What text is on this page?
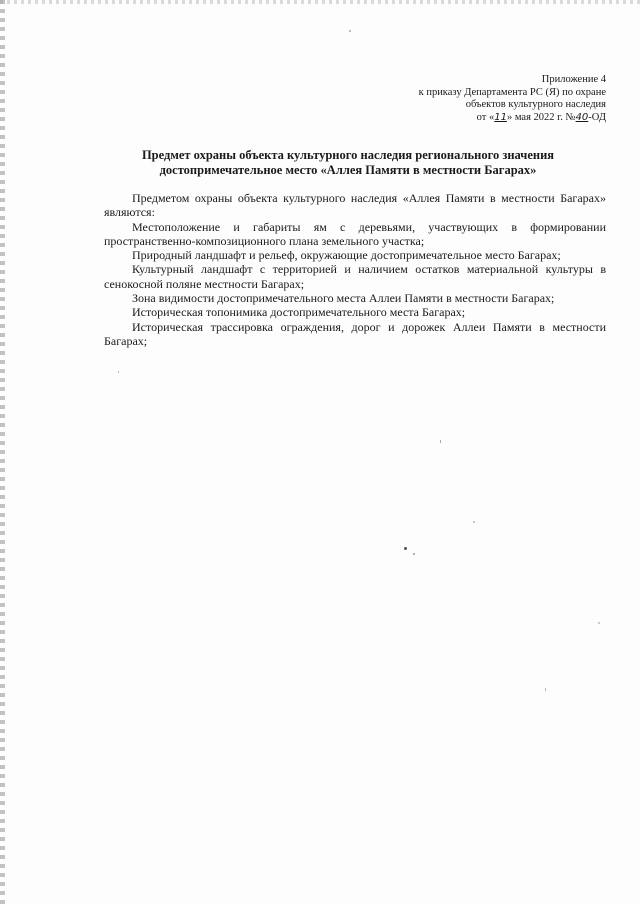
Приложение 4
к приказу Департамента РС (Я) по охране
объектов культурного наследия
от «11» мая 2022 г. №40-ОД
Предмет охраны объекта культурного наследия регионального значения
достопримечательное место «Аллея Памяти в местности Багарах»

Предметом охраны объекта культурного наследия «Аллея Памяти в местности Багарах» являются:

Местоположение и габариты ям с деревьями, участвующих в формировании пространственно-композиционного плана земельного участка;

Природный ландшафт и рельеф, окружающие достопримечательное место Багарах;

Культурный ландшафт с территорией и наличием остатков материальной культуры в сенокосной поляне местности Багарах;

Зона видимости достопримечательного места Аллеи Памяти в местности Багарах;

Историческая топонимика достопримечательного места Багарах;

Историческая трассировка ограждения, дорог и дорожек Аллеи Памяти в местности Багарах;
